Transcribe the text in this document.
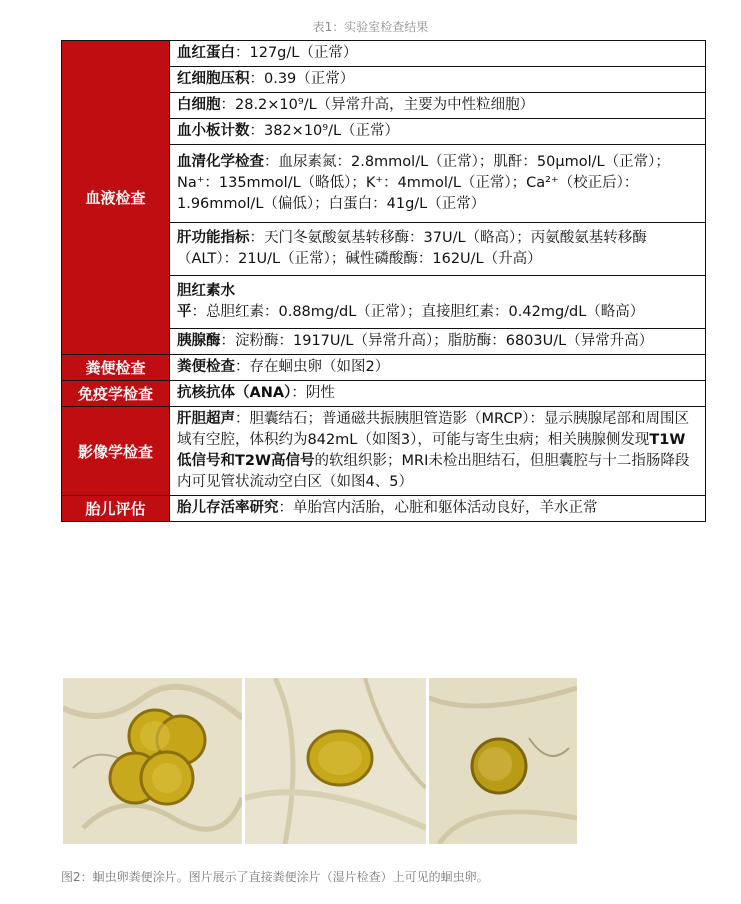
表1：实验室检查结果
血液检查	血红蛋白：127g/L（正常）
	红细胞压积：0.39（正常）
	白细胞：28.2×10⁹/L（异常升高，主要为中性粒细胞）
	血小板计数：382×10⁹/L（正常）
	血清化学检查：血尿素氮：2.8mmol/L（正常）；肌酐：50μmol/L（正常）；Na⁺：135mmol/L（略低）；K⁺：4mmol/L（正常）；Ca²⁺（校正后）：1.96mmol/L（偏低）；白蛋白：41g/L（正常）
	肝功能指标：天门冬氨酸氨基转移酶：37U/L（略高）；丙氨酸氨基转移酶（ALT）：21U/L（正常）；碱性磷酸酶：162U/L（升高）
	胆红素水平：总胆红素：0.88mg/dL（正常）；直接胆红素：0.42mg/dL（略高）
	胰腺酶：淀粉酶：1917U/L（异常升高）；脂肪酶：6803U/L（异常升高）
粪便检查	粪便检查：存在蛔虫卵（如图2）
免疫学检查	抗核抗体（ANA）：阴性
影像学检查	肝胆超声：胆囊结石；普通磁共振胰胆管造影（MRCP）：显示胰腺尾部和周围区域有空腔，体积约为842mL（如图3），可能与寄生虫病；相关胰腺侧发现T1W低信号和T2W高信号的软组织影；MRI未检出胆结石，但胆囊腔与十二指肠降段内可见管状流动空白区（如图4、5）
胎儿评估	胎儿存活率研究：单胎宫内活胎，心脏和躯体活动良好，羊水正常
图2：蛔虫卵粪便涂片。图片展示了直接粪便涂片（湿片检查）上可见的蛔虫卵。
